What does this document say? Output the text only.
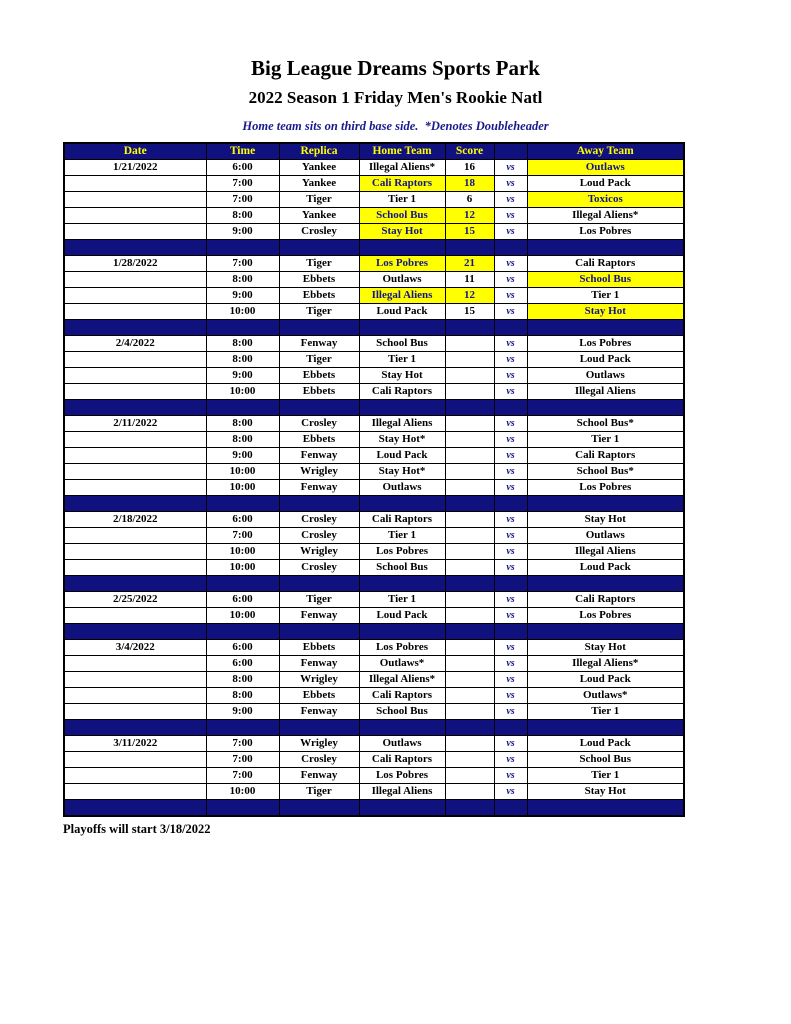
Big League Dreams Sports Park
2022 Season 1 Friday Men's Rookie Natl
Home team sits on third base side.  *Denotes Doubleheader
Date	Time	Replica	Home Team	Score		Away Team
1/21/2022	6:00	Yankee	Illegal Aliens*	16	vs	Outlaws
	7:00	Yankee	Cali Raptors	18	vs	Loud Pack
	7:00	Tiger	Tier 1	6	vs	Toxicos
	8:00	Yankee	School Bus	12	vs	Illegal Aliens*
	9:00	Crosley	Stay Hot	15	vs	Los Pobres

1/28/2022	7:00	Tiger	Los Pobres	21	vs	Cali Raptors
	8:00	Ebbets	Outlaws	11	vs	School Bus
	9:00	Ebbets	Illegal Aliens	12	vs	Tier 1
	10:00	Tiger	Loud Pack	15	vs	Stay Hot

2/4/2022	8:00	Fenway	School Bus		vs	Los Pobres
	8:00	Tiger	Tier 1		vs	Loud Pack
	9:00	Ebbets	Stay Hot		vs	Outlaws
	10:00	Ebbets	Cali Raptors		vs	Illegal Aliens

2/11/2022	8:00	Crosley	Illegal Aliens		vs	School Bus*
	8:00	Ebbets	Stay Hot*		vs	Tier 1
	9:00	Fenway	Loud Pack		vs	Cali Raptors
	10:00	Wrigley	Stay Hot*		vs	School Bus*
	10:00	Fenway	Outlaws		vs	Los Pobres

2/18/2022	6:00	Crosley	Cali Raptors		vs	Stay Hot
	7:00	Crosley	Tier 1		vs	Outlaws
	10:00	Wrigley	Los Pobres		vs	Illegal Aliens
	10:00	Crosley	School Bus		vs	Loud Pack

2/25/2022	6:00	Tiger	Tier 1		vs	Cali Raptors
	10:00	Fenway	Loud Pack		vs	Los Pobres

3/4/2022	6:00	Ebbets	Los Pobres		vs	Stay Hot
	6:00	Fenway	Outlaws*		vs	Illegal Aliens*
	8:00	Wrigley	Illegal Aliens*		vs	Loud Pack
	8:00	Ebbets	Cali Raptors		vs	Outlaws*
	9:00	Fenway	School Bus		vs	Tier 1

3/11/2022	7:00	Wrigley	Outlaws		vs	Loud Pack
	7:00	Crosley	Cali Raptors		vs	School Bus
	7:00	Fenway	Los Pobres		vs	Tier 1
	10:00	Tiger	Illegal Aliens		vs	Stay Hot

Playoffs will start 3/18/2022
